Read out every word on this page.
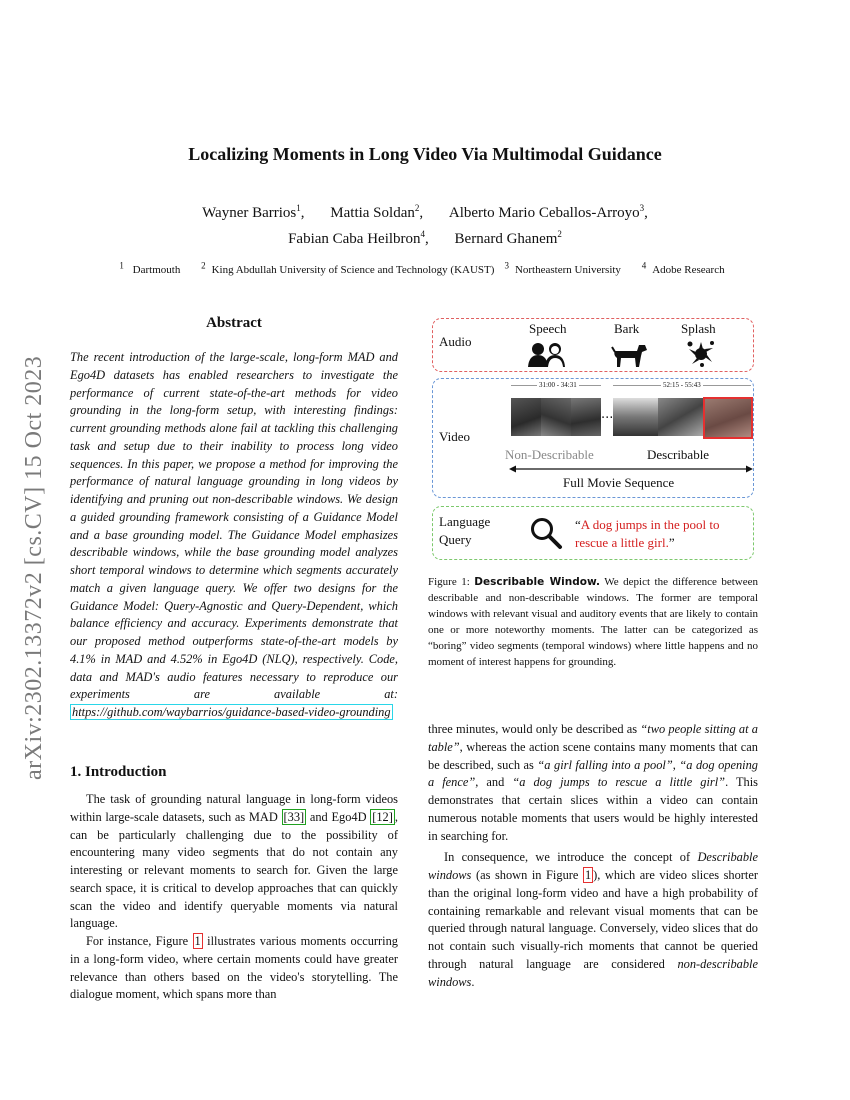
arXiv:2302.13372v2 [cs.CV] 15 Oct 2023
Localizing Moments in Long Video Via Multimodal Guidance
Wayner Barrios$^1$, Mattia Soldan$^2$, Alberto Mario Ceballos-Arroyo$^3$,
Fabian Caba Heilbron$^4$, Bernard Ghanem$^2$
$^1$ Dartmouth $^2$ King Abdullah University of Science and Technology (KAUST) $^3$ Northeastern University $^4$ Adobe Research
Abstract
The recent introduction of the large-scale, long-form MAD and Ego4D datasets has enabled researchers to investigate the performance of current state-of-the-art methods for video grounding in the long-form setup, with interesting findings: current grounding methods alone fail at tackling this challenging task and setup due to their inability to process long video sequences. In this paper, we propose a method for improving the performance of natural language grounding in long videos by identifying and pruning out non-describable windows. We design a guided grounding framework consisting of a Guidance Model and a base grounding model. The Guidance Model emphasizes describable windows, while the base grounding model analyzes short temporal windows to determine which segments accurately match a given language query. We offer two designs for the Guidance Model: Query-Agnostic and Query-Dependent, which balance efficiency and accuracy. Experiments demonstrate that our proposed method outperforms state-of-the-art models by 4.1% in MAD and 4.52% in Ego4D (NLQ), respectively. Code, data and MAD's audio features necessary to reproduce our experiments are available at: https://github.com/waybarrios/guidance-based-video-grounding
1. Introduction

The task of grounding natural language in long-form videos within large-scale datasets, such as MAD [33] and Ego4D [12] , can be particularly challenging due to the possibility of encountering many video segments that do not contain any interesting or relevant moments to search for. Given the large search space, it is critical to develop approaches that can quickly scan the video and identify queryable moments via natural language.

For instance, Figure 1 illustrates various moments occurring in a long-form video, where certain moments could have greater relevance than others based on the video's storytelling. The dialogue moment, which spans more than

three minutes, would only be described as “two people sitting at a table”, whereas the action scene contains many moments that can be described, such as “a girl falling into a pool”, “a dog opening a fence”, and “a dog jumps to rescue a little girl”. This demonstrates that certain slices within a video can contain numerous notable moments that users would be highly interested in searching for.

In consequence, we introduce the concept of Describable windows (as shown in Figure 1 ), which are video slices shorter than the original long-form video and have a high probability of containing remarkable and relevant visual moments that can be queried through natural language. Conversely, video slices that do not contain such visually-rich moments that cannot be queried through natural language are considered non-describable windows.

Audio
Speech	Bark	Splash
Video
31:00 - 34:31	52:15 - 55:43
...
Non-Describable	Describable
Full Movie Sequence
Language
Query
“A dog jumps in the pool to
rescue a little girl.”
Figure 1: Describable Window. We depict the difference between describable and non-describable windows. The former are temporal windows with relevant visual and auditory events that are likely to contain one or more noteworthy moments. The latter can be categorized as “boring” video segments (temporal windows) where little happens and no moment of interest happens for grounding.
